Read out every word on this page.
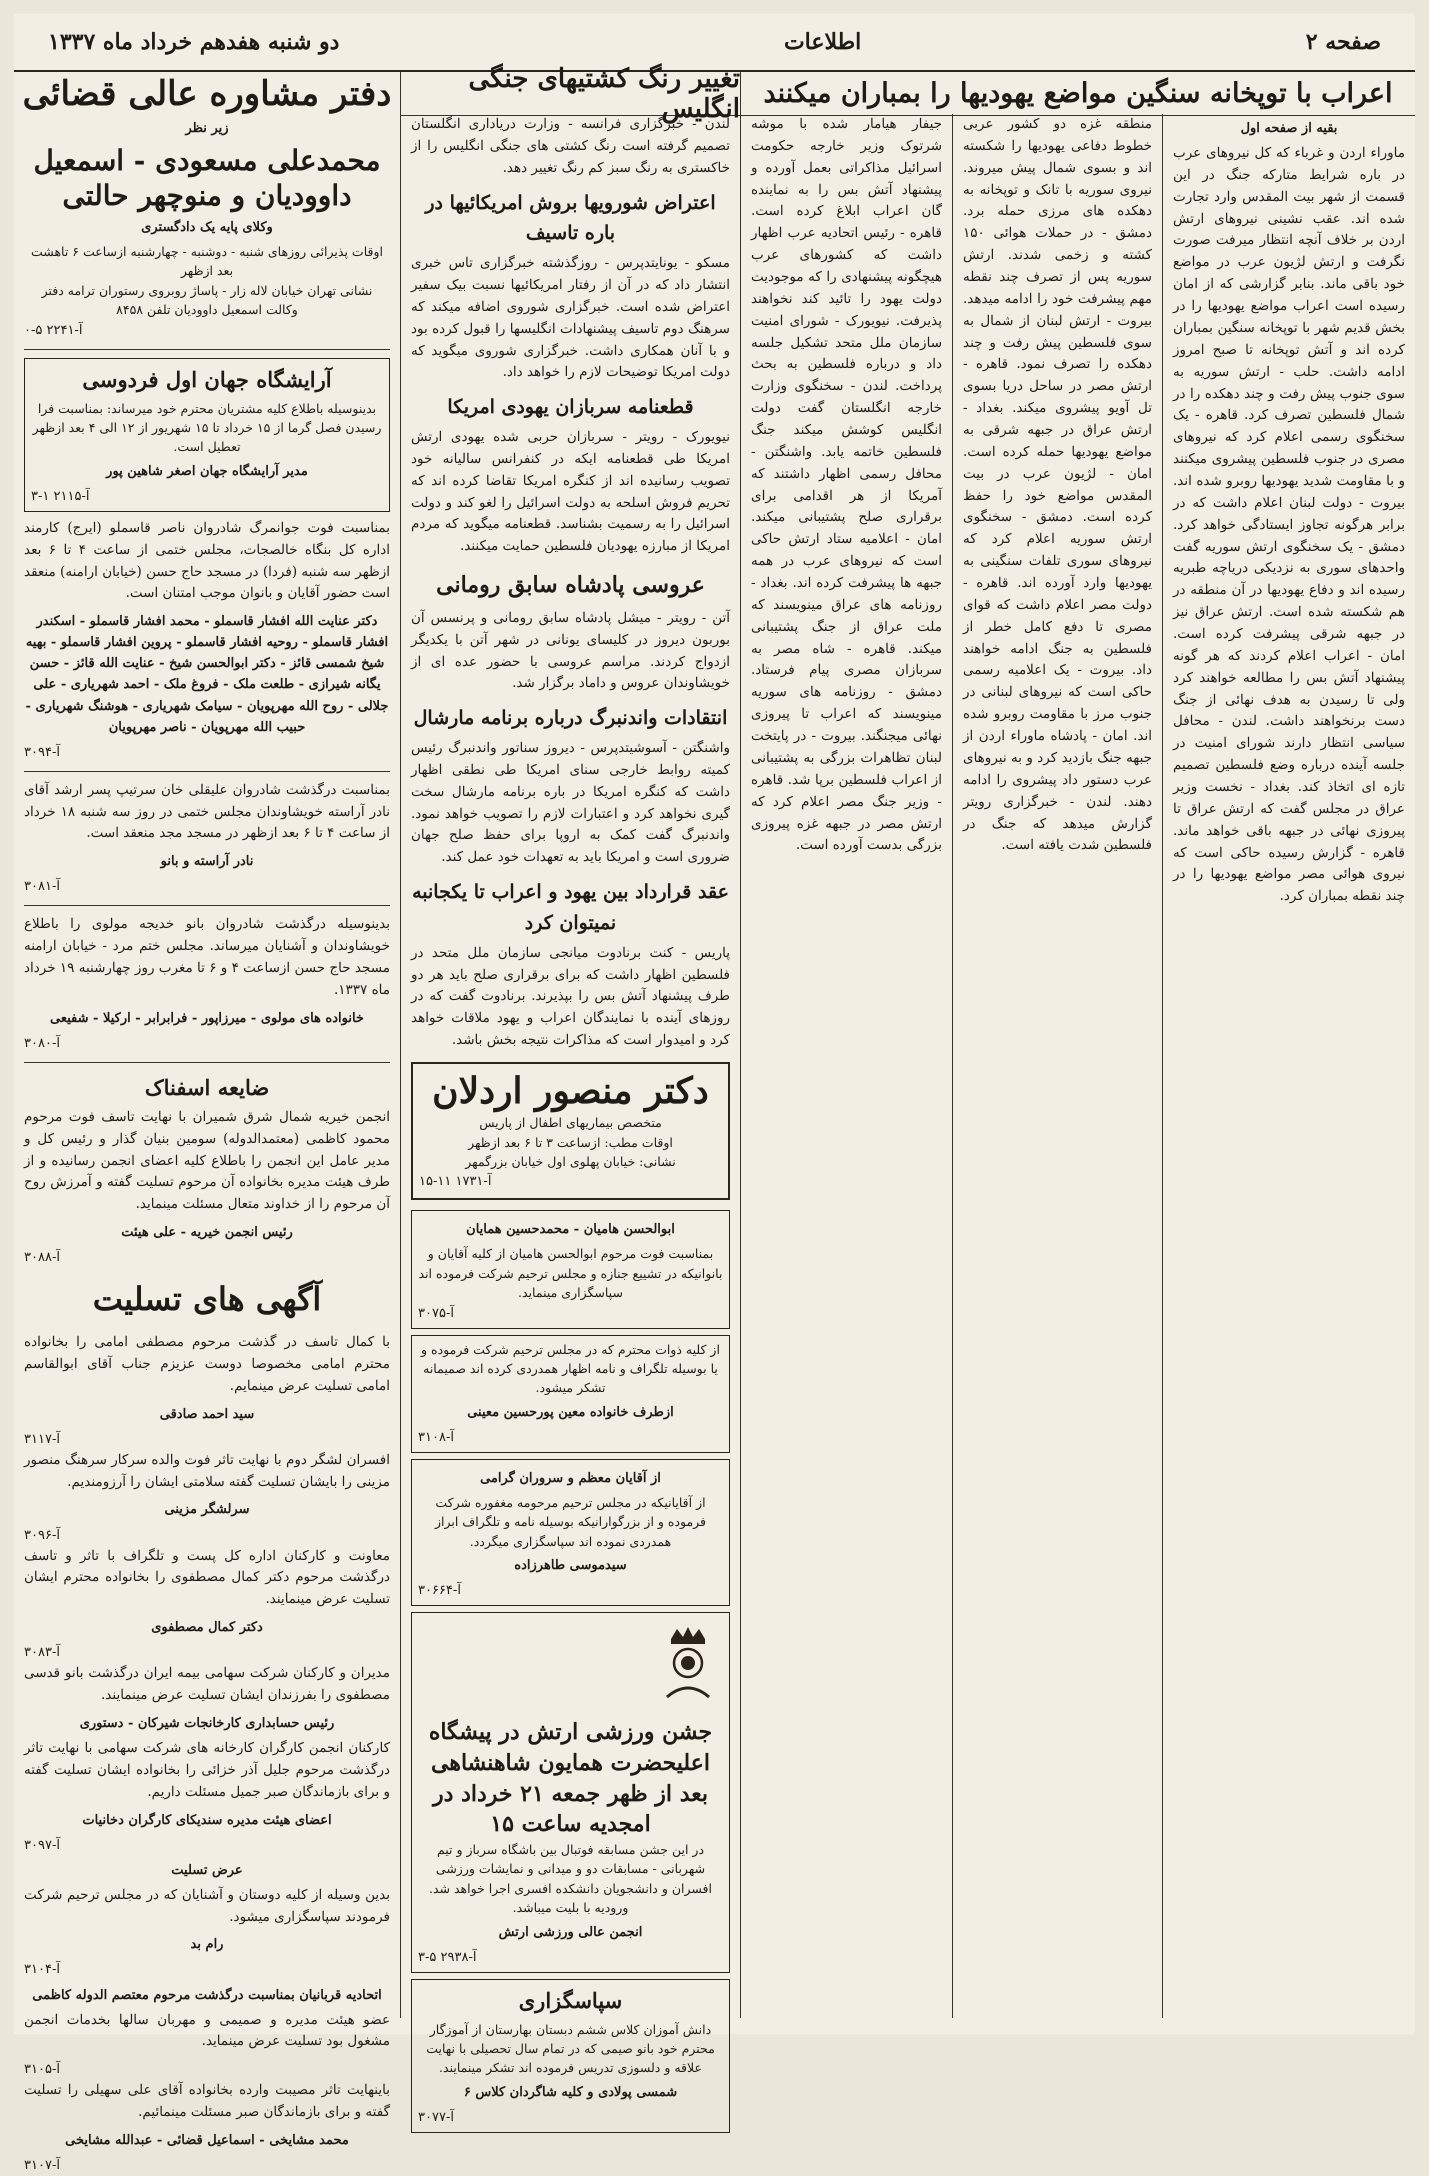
صفحه ۲
اطلاعات
دو شنبه هفدهم خرداد ماه ۱۳۳۷
اعراب با توپخانه سنگین مواضع یهودیها را بمباران میکنند
تغییر رنگ کشتیهای جنگی انگلیس
دفتر مشاوره عالی قضائی
بقیه از صفحه اول

ماوراء اردن و غرباء که کل نیروهای عرب در باره شرایط متارکه جنگ در این قسمت از شهر بیت المقدس وارد تجارت شده اند. عقب نشینی نیروهای ارتش اردن بر خلاف آنچه انتظار میرفت صورت نگرفت و ارتش لژیون عرب در مواضع خود باقی ماند. بنابر گزارشی که از امان رسیده است اعراب مواضع یهودیها را در بخش قدیم شهر با توپخانه سنگین بمباران کرده اند و آتش توپخانه تا صبح امروز ادامه داشت. حلب - ارتش سوریه به سوی جنوب پیش رفت و چند دهکده را در شمال فلسطین تصرف کرد. قاهره - یک سخنگوی رسمی اعلام کرد که نیروهای مصری در جنوب فلسطین پیشروی میکنند و با مقاومت شدید یهودیها روبرو شده اند. بیروت - دولت لبنان اعلام داشت که در برابر هرگونه تجاوز ایستادگی خواهد کرد. دمشق - یک سخنگوی ارتش سوریه گفت واحدهای سوری به نزدیکی دریاچه طبریه رسیده اند و دفاع یهودیها در آن منطقه در هم شکسته شده است. ارتش عراق نیز در جبهه شرقی پیشرفت کرده است. امان - اعراب اعلام کردند که هر گونه پیشنهاد آتش بس را مطالعه خواهند کرد ولی تا رسیدن به هدف نهائی از جنگ دست برنخواهند داشت. لندن - محافل سیاسی انتظار دارند شورای امنیت در جلسه آینده درباره وضع فلسطین تصمیم تازه ای اتخاذ کند. بغداد - نخست وزیر عراق در مجلس گفت که ارتش عراق تا پیروزی نهائی در جبهه باقی خواهد ماند. قاهره - گزارش رسیده حاکی است که نیروی هوائی مصر مواضع یهودیها را در چند نقطه بمباران کرد.

منطقه غزه دو کشور عربی خطوط دفاعی یهودیها را شکسته اند و بسوی شمال پیش میروند. نیروی سوریه با تانک و توپخانه به دهکده های مرزی حمله برد. دمشق - در حملات هوائی ۱۵۰ کشته و زخمی شدند. ارتش سوریه پس از تصرف چند نقطه مهم پیشرفت خود را ادامه میدهد. بیروت - ارتش لبنان از شمال به سوی فلسطین پیش رفت و چند دهکده را تصرف نمود. قاهره - ارتش مصر در ساحل دریا بسوی تل آویو پیشروی میکند. بغداد - ارتش عراق در جبهه شرقی به مواضع یهودیها حمله کرده است. امان - لژیون عرب در بیت المقدس مواضع خود را حفظ کرده است. دمشق - سخنگوی ارتش سوریه اعلام کرد که نیروهای سوری تلفات سنگینی به یهودیها وارد آورده اند. قاهره - دولت مصر اعلام داشت که قوای مصری تا دفع کامل خطر از فلسطین به جنگ ادامه خواهند داد. بیروت - یک اعلامیه رسمی حاکی است که نیروهای لبنانی در جنوب مرز با مقاومت روبرو شده اند. امان - پادشاه ماوراء اردن از جبهه جنگ بازدید کرد و به نیروهای عرب دستور داد پیشروی را ادامه دهند. لندن - خبرگزاری رویتر گزارش میدهد که جنگ در فلسطین شدت یافته است.

جیفار هیامار شده با موشه شرتوک وزیر خارجه حکومت اسرائیل مذاکراتی بعمل آورده و پیشنهاد آتش بس را به نماینده گان اعراب ابلاغ کرده است. قاهره - رئیس اتحادیه عرب اظهار داشت که کشورهای عرب هیچگونه پیشنهادی را که موجودیت دولت یهود را تائید کند نخواهند پذیرفت. نیویورک - شورای امنیت سازمان ملل متحد تشکیل جلسه داد و درباره فلسطین به بحث پرداخت. لندن - سخنگوی وزارت خارجه انگلستان گفت دولت انگلیس کوشش میکند جنگ فلسطین خاتمه یابد. واشنگتن - محافل رسمی اظهار داشتند که آمریکا از هر اقدامی برای برقراری صلح پشتیبانی میکند. امان - اعلامیه ستاد ارتش حاکی است که نیروهای عرب در همه جبهه ها پیشرفت کرده اند. بغداد - روزنامه های عراق مینویسند که ملت عراق از جنگ پشتیبانی میکند. قاهره - شاه مصر به سربازان مصری پیام فرستاد. دمشق - روزنامه های سوریه مینویسند که اعراب تا پیروزی نهائی میجنگند. بیروت - در پایتخت لبنان تظاهرات بزرگی به پشتیبانی از اعراب فلسطین برپا شد. قاهره - وزیر جنگ مصر اعلام کرد که ارتش مصر در جبهه غزه پیروزی بزرگی بدست آورده است.

لندن - خبرگزاری فرانسه - وزارت دریاداری انگلستان تصمیم گرفته است رنگ کشتی های جنگی انگلیس را از خاکستری به رنگ سبز کم رنگ تغییر دهد.

اعتراض شورویها بروش امریکائیها در باره تاسیف

مسکو - یونایتدپرس - روزگذشته خبرگزاری تاس خبری انتشار داد که در آن از رفتار امریکائیها نسبت بیک سفیر اعتراض شده است. خبرگزاری شوروی اضافه میکند که سرهنگ دوم تاسیف پیشنهادات انگلیسها را قبول کرده بود و با آنان همکاری داشت. خبرگزاری شوروی میگوید که دولت امریکا توضیحات لازم را خواهد داد.

قطعنامه سربازان یهودی امریکا

نیویورک - رویتر - سربازان حربی شده یهودی ارتش امریکا طی قطعنامه ایکه در کنفرانس سالیانه خود تصویب رسانیده اند از کنگره امریکا تقاضا کرده اند که تحریم فروش اسلحه به دولت اسرائیل را لغو کند و دولت اسرائیل را به رسمیت بشناسد. قطعنامه میگوید که مردم امریکا از مبارزه یهودیان فلسطین حمایت میکنند.

عروسی پادشاه سابق رومانی

آتن - رویتر - میشل پادشاه سابق رومانی و پرنسس آن بوربون دیروز در کلیسای یونانی در شهر آتن با یکدیگر ازدواج کردند. مراسم عروسی با حضور عده ای از خویشاوندان عروس و داماد برگزار شد.

انتقادات واندنبرگ درباره برنامه مارشال

واشنگتن - آسوشیتدپرس - دیروز سناتور واندنبرگ رئیس کمیته روابط خارجی سنای امریکا طی نطقی اظهار داشت که کنگره امریکا در باره برنامه مارشال سخت گیری نخواهد کرد و اعتبارات لازم را تصویب خواهد نمود. واندنبرگ گفت کمک به اروپا برای حفظ صلح جهان ضروری است و امریکا باید به تعهدات خود عمل کند.

عقد قرارداد بین یهود و اعراب تا یکجانبه نمیتوان کرد

پاریس - کنت برنادوت میانجی سازمان ملل متحد در فلسطین اظهار داشت که برای برقراری صلح باید هر دو طرف پیشنهاد آتش بس را بپذیرند. برنادوت گفت که در روزهای آینده با نمایندگان اعراب و یهود ملاقات خواهد کرد و امیدوار است که مذاکرات نتیجه بخش باشد.

دکتر منصور اردلان
متخصص بیماریهای اطفال از پاریس
اوقات مطب: ازساعت ۳ تا ۶ بعد ازظهر
نشانی: خیابان پهلوی اول خیابان بزرگمهر
آ-۱۷۳۱ ۱۱-۱۵
ابوالحسن هامیان - محمدحسین همایان
بمناسبت فوت مرحوم ابوالحسن هامیان از کلیه آقایان و بانوانیکه در تشییع جنازه و مجلس ترحیم شرکت فرموده اند سپاسگزاری مینماید.
آ-۳۰۷۵
از کلیه ذوات محترم که در مجلس ترحیم شرکت فرموده و یا بوسیله تلگراف و نامه اظهار همدردی کرده اند صمیمانه تشکر میشود.
ازطرف خانواده معین پورحسین معینی
آ-۳۱۰۸
از آقایان معظم و سروران گرامی
از آقایانیکه در مجلس ترحیم مرحومه مغفوره شرکت فرموده و از بزرگوارانیکه بوسیله نامه و تلگراف ابراز همدردی نموده اند سپاسگزاری میگردد.
سیدموسی طاهرزاده
آ-۳۰۶۶۴
جشن ورزشی ارتش در پیشگاه اعلیحضرت همایون شاهنشاهی بعد از ظهر جمعه ۲۱ خرداد در امجدیه ساعت ۱۵
در این جشن مسابقه فوتبال بین باشگاه سرباز و تیم شهربانی - مسابقات دو و میدانی و نمایشات ورزشی افسران و دانشجویان دانشکده افسری اجرا خواهد شد. ورودیه با بلیت میباشد.
انجمن عالی ورزشی ارتش
آ-۲۹۳۸ ۵-۳
سپاسگزاری
دانش آموزان کلاس ششم دبستان بهارستان از آموزگار محترم خود بانو صیمی که در تمام سال تحصیلی با نهایت علاقه و دلسوزی تدریس فرموده اند تشکر مینمایند.
شمسی پولادی و کلیه شاگردان کلاس ۶
آ-۳۰۷۷
زیر نظر
محمدعلی مسعودی - اسمعیل داوودیان و منوچهر حالتی
وکلای پایه یک دادگستری
اوقات پذیرائی روزهای شنبه - دوشنبه - چهارشنبه ازساعت ۶ تاهشت بعد ازظهر
نشانی تهران خیابان لاله زار - پاساژ روبروی رستوران ترامه دفتر وکالت اسمعیل داوودیان تلفن ۸۴۵۸
آ-۲۲۴۱ ۵-۰
آرایشگاه جهان اول فردوسی
بدینوسیله باطلاع کلیه مشتریان محترم خود میرساند: بمناسبت فرا رسیدن فصل گرما از ۱۵ خرداد تا ۱۵ شهریور از ۱۲ الی ۴ بعد ازظهر تعطیل است.
مدیر آرایشگاه جهان اصغر شاهین پور
آ-۲۱۱۵ ۱-۳

بمناسبت فوت جوانمرگ شادروان ناصر قاسملو (ایرج) کارمند اداره کل بنگاه خالصجات، مجلس ختمی از ساعت ۴ تا ۶ بعد ازظهر سه شنبه (فردا) در مسجد حاج حسن (خیابان ارامنه) منعقد است حضور آقایان و بانوان موجب امتنان است.

دکتر عنایت الله افشار قاسملو - محمد افشار قاسملو - اسکندر افشار قاسملو - روحیه افشار قاسملو - پروین افشار قاسملو - بهیه شیخ شمسی قائز - دکتر ابوالحسن شیخ - عنایت الله قائز - حسن یگانه شیرازی - طلعت ملک - فروغ ملک - احمد شهریاری - علی جلالی - روح الله مهرپویان - سیامک شهریاری - هوشنگ شهریاری - حبیب الله مهرپویان - ناصر مهرپویان
آ-۳۰۹۴

بمناسبت درگذشت شادروان علیقلی خان سرتیپ پسر ارشد آقای نادر آراسته خویشاوندان مجلس ختمی در روز سه شنبه ۱۸ خرداد از ساعت ۴ تا ۶ بعد ازظهر در مسجد مجد منعقد است.

نادر آراسته و بانو
آ-۳۰۸۱

بدینوسیله درگذشت شادروان بانو خدیجه مولوی را باطلاع خویشاوندان و آشنایان میرساند. مجلس ختم مرد - خیابان ارامنه مسجد حاج حسن ازساعت ۴ و ۶ تا مغرب روز چهارشنبه ۱۹ خرداد ماه ۱۳۳۷.

خانواده های مولوی - میرزاپور - فرابرابر - ارکیلا - شفیعی
آ-۳۰۸۰
ضایعه اسفناک

انجمن خیریه شمال شرق شمیران با نهایت تاسف فوت مرحوم محمود کاظمی (معتمدالدوله) سومین بنیان گذار و رئیس کل و مدیر عامل این انجمن را باطلاع کلیه اعضای انجمن رسانیده و از طرف هیئت مدیره بخانواده آن مرحوم تسلیت گفته و آمرزش روح آن مرحوم را از خداوند متعال مسئلت مینماید.

رئیس انجمن خیریه - علی هیئت
آ-۳۰۸۸
آگهی های تسلیت

با کمال تاسف در گذشت مرحوم مصطفی امامی را بخانواده محترم امامی مخصوصا دوست عزیزم جناب آقای ابوالقاسم امامی تسلیت عرض مینمایم.

سید احمد صادقی
آ-۳۱۱۷

افسران لشگر دوم با نهایت تاثر فوت والده سرکار سرهنگ منصور مزینی را بایشان تسلیت گفته سلامتی ایشان را آرزومندیم.

سرلشگر مزینی
آ-۳۰۹۶

معاونت و کارکنان اداره کل پست و تلگراف با تاثر و تاسف درگذشت مرحوم دکتر کمال مصطفوی را بخانواده محترم ایشان تسلیت عرض مینمایند.

دکتر کمال مصطفوی
آ-۳۰۸۳

مدیران و کارکنان شرکت سهامی بیمه ایران درگذشت بانو قدسی مصطفوی را بفرزندان ایشان تسلیت عرض مینمایند.

رئیس حسابداری کارخانجات شیرکان - دستوری

کارکنان انجمن کارگران کارخانه های شرکت سهامی با نهایت تاثر درگذشت مرحوم جلیل آذر خزائی را بخانواده ایشان تسلیت گفته و برای بازماندگان صبر جمیل مسئلت داریم.

اعضای هیئت مدیره سندیکای کارگران دخانیات
آ-۳۰۹۷
عرض تسلیت

بدین وسیله از کلیه دوستان و آشنایان که در مجلس ترحیم شرکت فرمودند سپاسگزاری میشود.

رام بد
آ-۳۱۰۴
اتحادیه قربانیان بمناسبت درگذشت مرحوم معتصم الدوله کاظمی

عضو هیئت مدیره و صمیمی و مهربان سالها بخدمات انجمن مشغول بود تسلیت عرض مینماید.

آ-۳۱۰۵

باینهایت تاثر مصیبت وارده بخانواده آقای علی سهیلی را تسلیت گفته و برای بازماندگان صبر مسئلت مینمائیم.

محمد مشایخی - اسماعیل قضائی - عبدالله مشایخی
آ-۳۱۰۷
